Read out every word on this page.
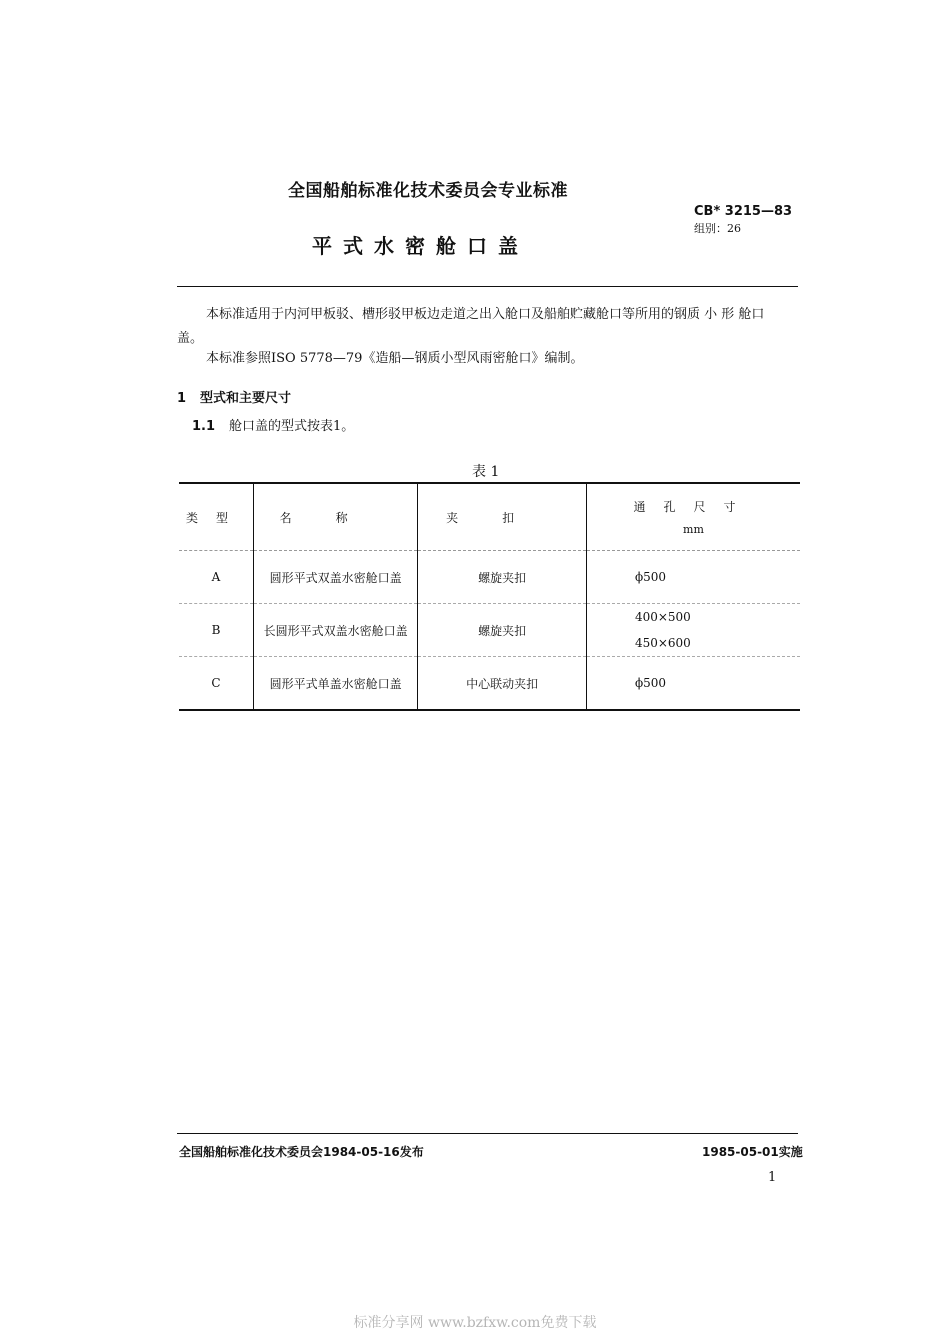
全国船舶标准化技术委员会专业标准
CB* 3215—83
组别：26
平式水密舱口盖
本标准适用于内河甲板驳、槽形驳甲板边走道之出入舱口及船舶贮藏舱口等所用的钢质 小 形 舱口
盖。
本标准参照ISO 5778—79《造船—钢质小型风雨密舱口》编制。
1 型式和主要尺寸
1.1 舱口盖的型式按表1。
表 1
类型	名称	夹扣	通孔尺寸
mm

A	圆形平式双盖水密舱口盖	螺旋夹扣	ϕ500
B	长圆形平式双盖水密舱口盖	螺旋夹扣	400×500
450×600

C	圆形平式单盖水密舱口盖	中心联动夹扣	ϕ500
全国船舶标准化技术委员会1984-05-16发布	1985-05-01实施
1
标准分享网 www.bzfxw.com免费下载
